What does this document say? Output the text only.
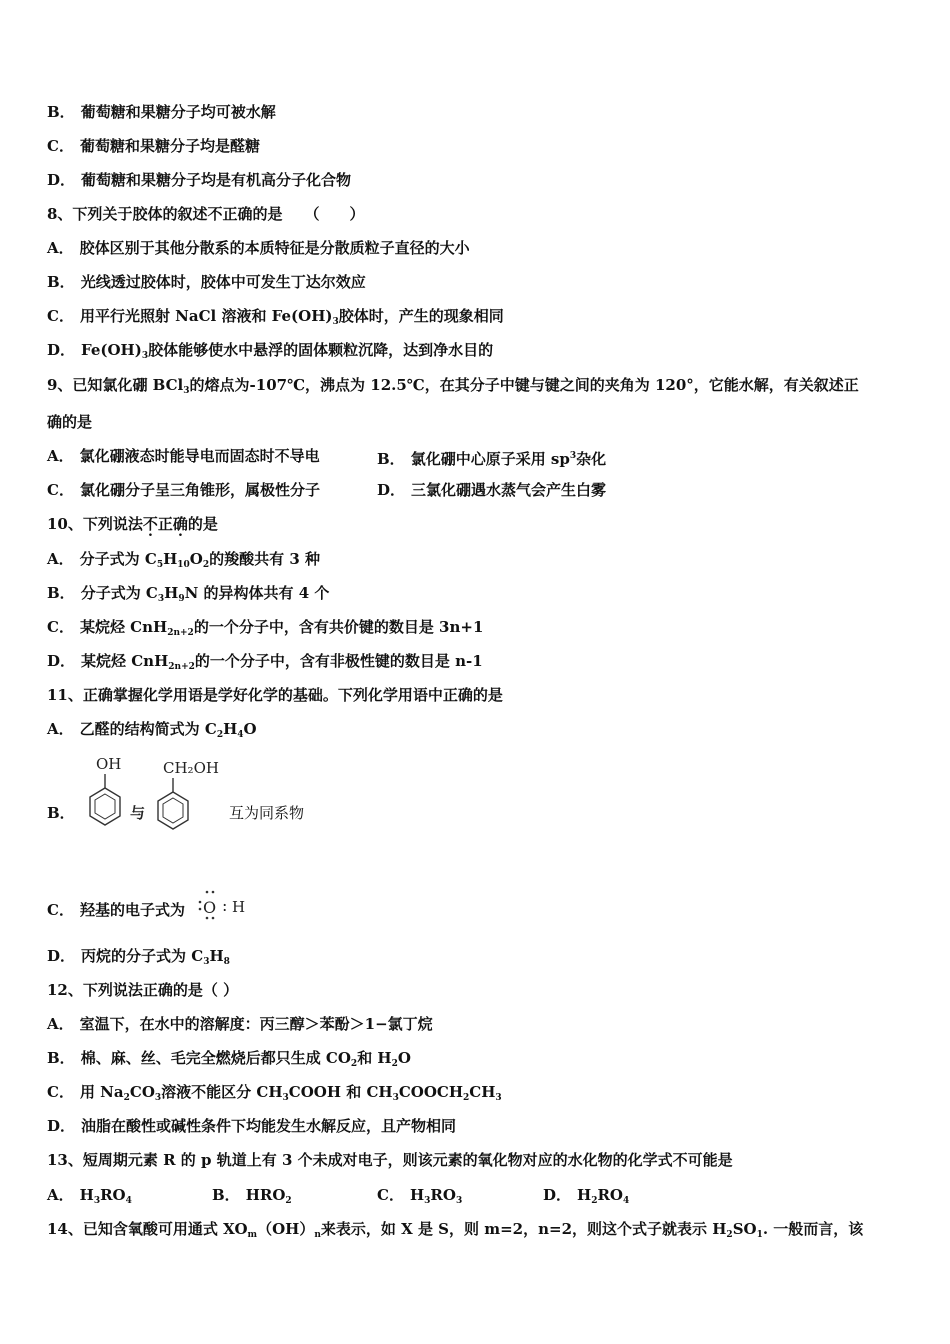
B． 葡萄糖和果糖分子均可被水解
C． 葡萄糖和果糖分子均是醛糖
D． 葡萄糖和果糖分子均是有机高分子化合物
8、下列关于胶体的叙述不正确的是 （　　）
A． 胶体区别于其他分散系的本质特征是分散质粒子直径的大小
B． 光线透过胶体时，胶体中可发生丁达尔效应
C． 用平行光照射 NaCl 溶液和 $Fe(OH)_3$胶体时，产生的现象相同
D． $Fe(OH)_3$胶体能够使水中悬浮的固体颗粒沉降，达到净水目的
9、已知氯化硼 BCl$_3$的熔点为-107℃，沸点为 12.5℃，在其分子中键与键之间的夹角为 120°，它能水解，有关叙述正
确的是
A． 氯化硼液态时能导电而固态时不导电	B． 氯化硼中心原子采用 $sp^3$杂化
C． 氯化硼分子呈三角锥形，属极性分子	D． 三氯化硼遇水蒸气会产生白雾
10、下列说法不正确的是
A． 分子式为 $C_5H_{10}O_2$的羧酸共有 3 种
B． 分子式为 $C_3H_9N$ 的异构体共有 4 个
C． 某烷烃 CnH$_{2n+2}$的一个分子中，含有共价键的数目是 3n+1
D． 某烷烃 CnH$_{2n+2}$的一个分子中，含有非极性键的数目是 n-1
11、正确掌握化学用语是学好化学的基础。下列化学用语中正确的是
A． 乙醛的结构简式为 $C_2H_4O$
B．
OH
与
CH₂OH
互为同系物
C． 羟基的电子式为 O : H
D． 丙烷的分子式为 $C_3H_8$
12、下列说法正确的是（ ）
A． 室温下，在水中的溶解度：丙三醇＞苯酚＞1−氯丁烷
B． 棉、麻、丝、毛完全燃烧后都只生成 $CO_2$和 $H_2O$
C． 用 $Na_2CO_3$溶液不能区分 $CH_3COOH$ 和 $CH_3COOCH_2CH_3$
D． 油脂在酸性或碱性条件下均能发生水解反应，且产物相同
13、短周期元素 R 的 p 轨道上有 3 个未成对电子，则该元素的氧化物对应的水化物的化学式不可能是
A． $H_3RO_4$	B． $HRO_2$	C． $H_3RO_3$	D． $H_2RO_4$
14、已知含氧酸可用通式 $XO_m(OH)_n$来表示，如 X 是 S，则 m=2，n=2，则这个式子就表示 $H_2SO_1$. 一般而言，该
